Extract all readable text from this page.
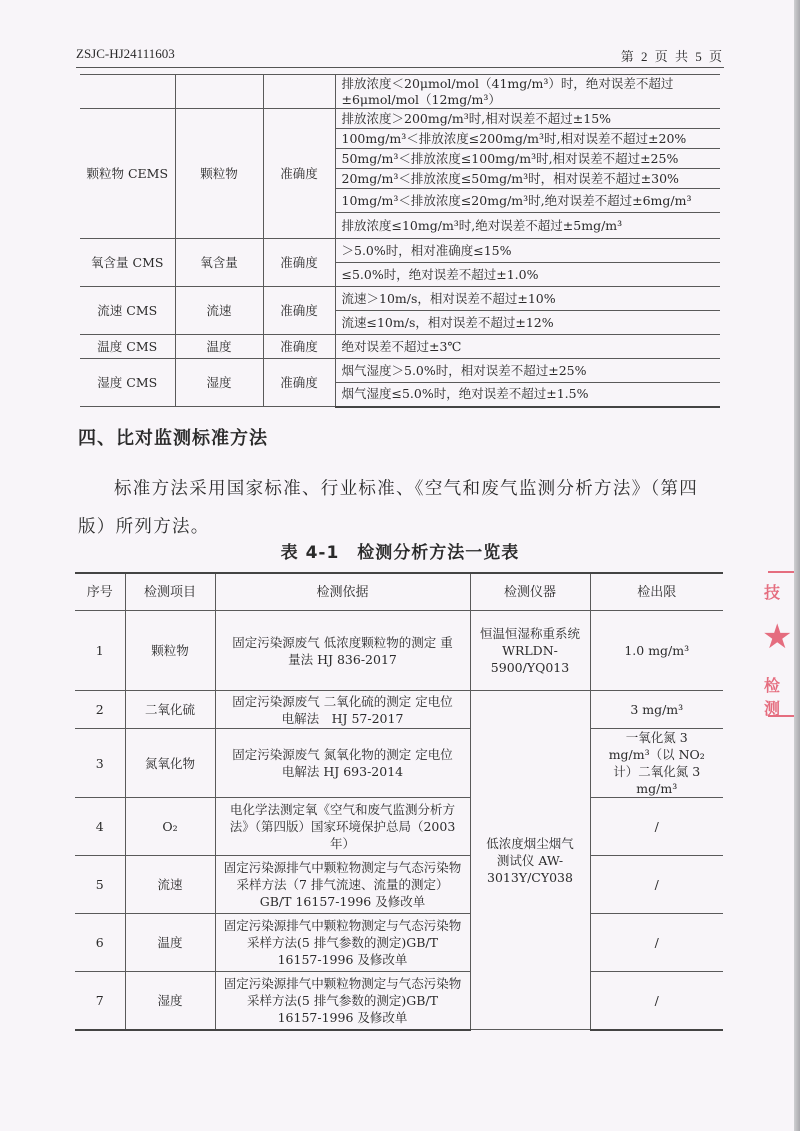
ZSJC-HJ24111603	第 2 页 共 5 页
			排放浓度＜20μmol/mol（41mg/m³）时，绝对误差不超过±6μmol/mol（12mg/m³）
颗粒物 CEMS	颗粒物	准确度	排放浓度＞200mg/m³时,相对误差不超过±15%
			100mg/m³＜排放浓度≤200mg/m³时,相对误差不超过±20%
			50mg/m³＜排放浓度≤100mg/m³时,相对误差不超过±25%
			20mg/m³＜排放浓度≤50mg/m³时，相对误差不超过±30%
			10mg/m³＜排放浓度≤20mg/m³时,绝对误差不超过±6mg/m³
			排放浓度≤10mg/m³时,绝对误差不超过±5mg/m³
氧含量 CMS	氧含量	准确度	＞5.0%时，相对准确度≤15%
			≤5.0%时，绝对误差不超过±1.0%
流速 CMS	流速	准确度	流速＞10m/s，相对误差不超过±10%
			流速≤10m/s，相对误差不超过±12%
温度 CMS	温度	准确度	绝对误差不超过±3℃
湿度 CMS	湿度	准确度	烟气湿度＞5.0%时，相对误差不超过±25%
			烟气湿度≤5.0%时，绝对误差不超过±1.5%
四、比对监测标准方法
标准方法采用国家标准、行业标准、《空气和废气监测分析方法》（第四版）所列方法。
表 4-1　检测分析方法一览表
序号	检测项目	检测依据	检测仪器	检出限
1	颗粒物	固定污染源废气 低浓度颗粒物的测定 重量法 HJ 836-2017	恒温恒湿称重系统 WRLDN-5900/YQ013	1.0 mg/m³
2	二氧化硫	固定污染源废气 二氧化硫的测定 定电位电解法　HJ 57-2017	低浓度烟尘烟气测试仪 AW-3013Y/CY038	3 mg/m³
3	氮氧化物	固定污染源废气 氮氧化物的测定 定电位电解法 HJ 693-2014		一氧化氮 3 mg/m³（以 NO₂ 计）二氧化氮 3 mg/m³
4	O₂	电化学法测定氧《空气和废气监测分析方法》（第四版）国家环境保护总局（2003 年）		/
5	流速	固定污染源排气中颗粒物测定与气态污染物采样方法（7 排气流速、流量的测定）GB/T 16157-1996 及修改单		/
6	温度	固定污染源排气中颗粒物测定与气态污染物采样方法(5 排气参数的测定)GB/T 16157-1996 及修改单		/
7	湿度	固定污染源排气中颗粒物测定与气态污染物采样方法(5 排气参数的测定)GB/T 16157-1996 及修改单		/
技
★
检测
